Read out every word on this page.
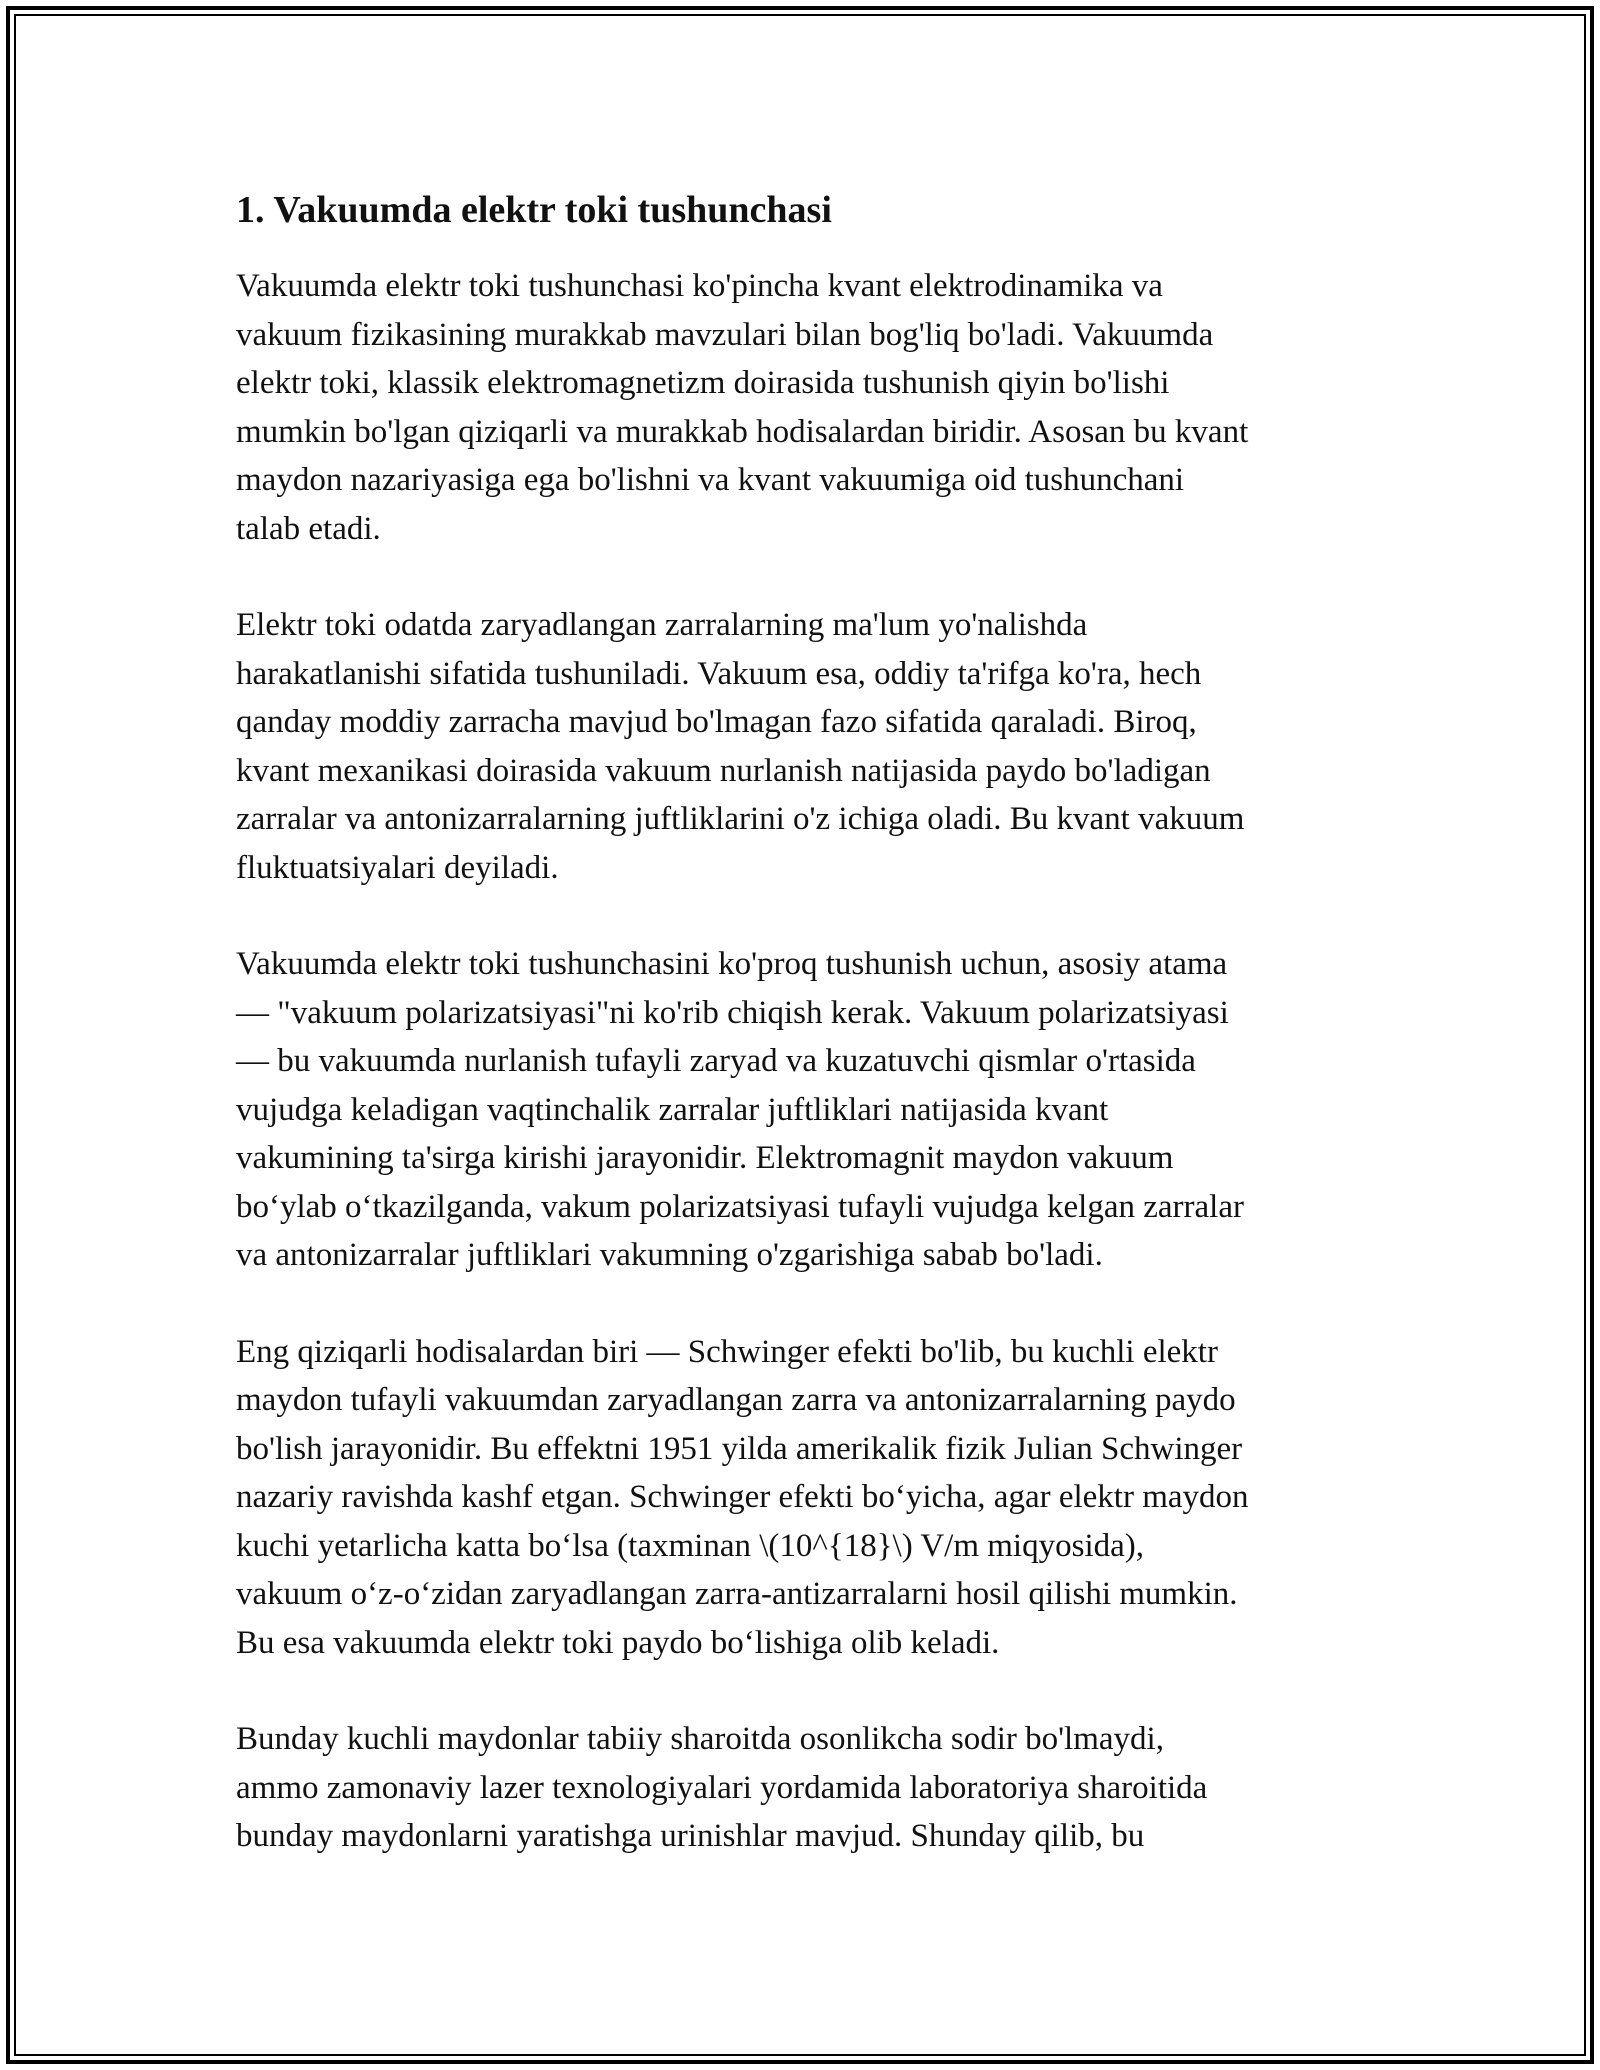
1. Vakuumda elektr toki tushunchasi

Vakuumda elektr toki tushunchasi ko'pincha kvant elektrodinamika va
vakuum fizikasining murakkab mavzulari bilan bog'liq bo'ladi. Vakuumda
elektr toki, klassik elektromagnetizm doirasida tushunish qiyin bo'lishi
mumkin bo'lgan qiziqarli va murakkab hodisalardan biridir. Asosan bu kvant
maydon nazariyasiga ega bo'lishni va kvant vakuumiga oid tushunchani
talab etadi.

Elektr toki odatda zaryadlangan zarralarning ma'lum yo'nalishda
harakatlanishi sifatida tushuniladi. Vakuum esa, oddiy ta'rifga ko'ra, hech
qanday moddiy zarracha mavjud bo'lmagan fazo sifatida qaraladi. Biroq,
kvant mexanikasi doirasida vakuum nurlanish natijasida paydo bo'ladigan
zarralar va antonizarralarning juftliklarini o'z ichiga oladi. Bu kvant vakuum
fluktuatsiyalari deyiladi.

Vakuumda elektr toki tushunchasini ko'proq tushunish uchun, asosiy atama
— "vakuum polarizatsiyasi"ni ko'rib chiqish kerak. Vakuum polarizatsiyasi
— bu vakuumda nurlanish tufayli zaryad va kuzatuvchi qismlar o'rtasida
vujudga keladigan vaqtinchalik zarralar juftliklari natijasida kvant
vakumining ta'sirga kirishi jarayonidir. Elektromagnit maydon vakuum
bo‘ylab o‘tkazilganda, vakum polarizatsiyasi tufayli vujudga kelgan zarralar
va antonizarralar juftliklari vakumning o'zgarishiga sabab bo'ladi.

Eng qiziqarli hodisalardan biri — Schwinger efekti bo'lib, bu kuchli elektr
maydon tufayli vakuumdan zaryadlangan zarra va antonizarralarning paydo
bo'lish jarayonidir. Bu effektni 1951 yilda amerikalik fizik Julian Schwinger
nazariy ravishda kashf etgan. Schwinger efekti bo‘yicha, agar elektr maydon
kuchi yetarlicha katta bo‘lsa (taxminan \(10^{18}\) V/m miqyosida),
vakuum o‘z-o‘zidan zaryadlangan zarra-antizarralarni hosil qilishi mumkin.
Bu esa vakuumda elektr toki paydo bo‘lishiga olib keladi.

Bunday kuchli maydonlar tabiiy sharoitda osonlikcha sodir bo'lmaydi,
ammo zamonaviy lazer texnologiyalari yordamida laboratoriya sharoitida
bunday maydonlarni yaratishga urinishlar mavjud. Shunday qilib, bu
